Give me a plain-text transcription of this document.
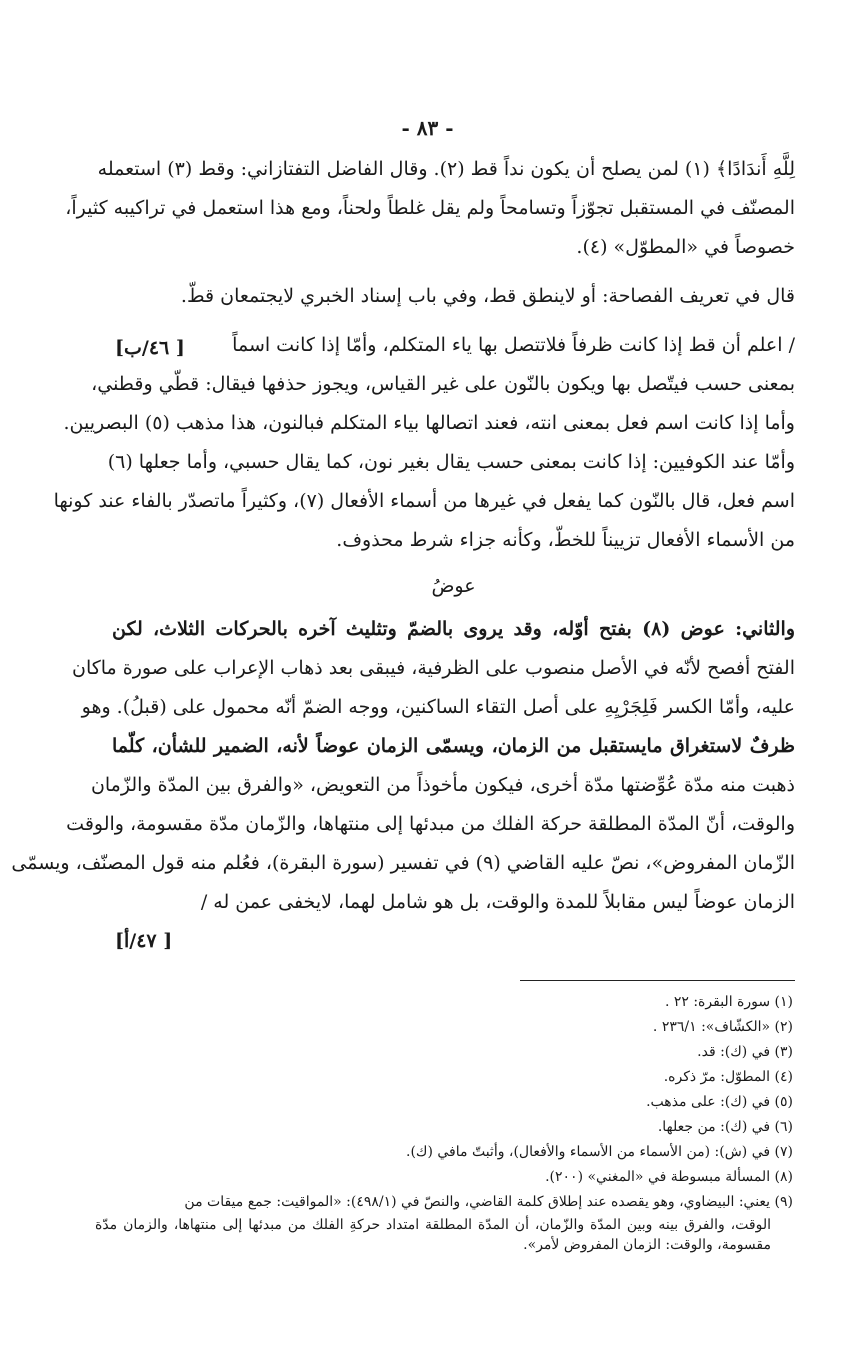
- ٨٣ -
[ ٤٦/ب]
[ ٤٧/أ]
لِلَّهِ أَندَادًا﴾ (١) لمن يصلح أن يكون نداً قط (٢). وقال الفاضل التفتازاني: وقط (٣) استعمله
المصنّف في المستقبل تجوّزاً وتسامحاً ولم يقل غلطاً ولحناً، ومع هذا استعمل في تراكيبه كثيراً،
خصوصاً في «المطوّل» (٤).
قال في تعريف الفصاحة: أو لاينطق قط، وفي باب إسناد الخبري لايجتمعان قطّ.
/ اعلم أن قط إذا كانت ظرفاً فلاتتصل بها ياء المتكلم، وأمّا إذا كانت اسماً
بمعنى حسب فيتّصل بها ويكون بالنّون على غير القياس، ويجوز حذفها فيقال: قطّي وقطني،
وأما إذا كانت اسم فعل بمعنى انته، فعند اتصالها بياء المتكلم فبالنون، هذا مذهب (٥) البصريين.
وأمّا عند الكوفيين: إذا كانت بمعنى حسب يقال بغير نون، كما يقال حسبي، وأما جعلها (٦)
اسم فعل، قال بالنّون كما يفعل في غيرها من أسماء الأفعال (٧)، وكثيراً ماتصدّر بالفاء عند كونها
من الأسماء الأفعال تزييناً للخطّ، وكأنه جزاء شرط محذوف.
عوضُ
والثاني: عوض (٨) بفتح أوّله، وقد يروى بالضمّ وتثليث آخره بالحركات الثلاث، لكن
الفتح أفصح لأنّه في الأصل منصوب على الظرفية، فيبقى بعد ذهاب الإعراب على صورة ماكان
عليه، وأمّا الكسر فَلِجَرْيِهِ على أصل التقاء الساكنين، ووجه الضمّ أنّه محمول على (قبلُ). وهو
ظرفٌ لاستغراق مايستقبل من الزمان، ويسمّى الزمان عوضاً لأنه، الضمير للشأن، كلّما
ذهبت منه مدّة عُوِّضتها مدّة أخرى، فيكون مأخوذاً من التعويض، «والفرق بين المدّة والزّمان
والوقت، أنّ المدّة المطلقة حركة الفلك من مبدئها إلى منتهاها، والزّمان مدّة مقسومة، والوقت
الزّمان المفروض»، نصّ عليه القاضي (٩) في تفسير (سورة البقرة)، فعُلم منه قول المصنّف، ويسمّى
الزمان عوضاً ليس مقابلاً للمدة والوقت، بل هو شامل لهما، لايخفى عمن له /
(١) سورة البقرة: ٢٢ .
(٢) «الكشّاف»: ٢٣٦/١ .
(٣) في (ك): قد.
(٤) المطوّل: مرّ ذكره.
(٥) في (ك): على مذهب.
(٦) في (ك): من جعلها.
(٧) في (ش): (من الأسماء من الأسماء والأفعال)، وأثبتّ مافي (ك).
(٨) المسألة مبسوطة في «المغني» (٢٠٠).
(٩) يعني: البيضاوي، وهو يقصده عند إطلاق كلمة القاضي، والنصّ في (٤٩٨/١): «المواقيت: جمع ميقات من
الوقت، والفرق بينه وبين المدّة والزّمان، أن المدّة المطلقة امتداد حركةِ الفلك من مبدئها إلى منتهاها، والزمان مدّة
مقسومة، والوقت: الزمان المفروض لأمر».
